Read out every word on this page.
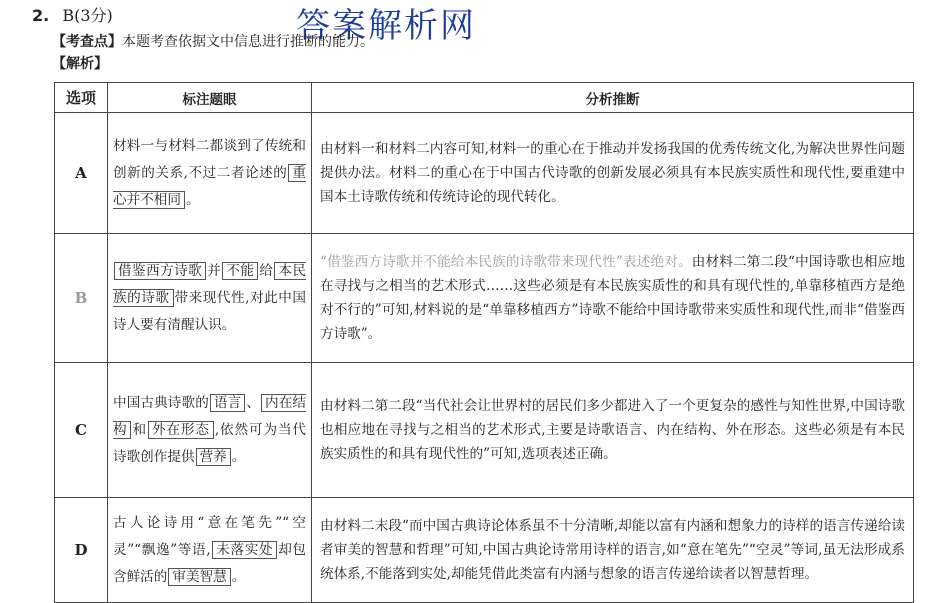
2. B(3分)	答案解析网
【考查点】本题考查依据文中信息进行推断的能力。
【解析】
选项	标注题眼	分析推断
A	材料一与材料二都谈到了传统和创新的关系,不过二者论述的 重心并不相同 。	由材料一和材料二内容可知,材料一的重心在于推动并发扬我国的优秀传统文化,为解决世界性问题提供办法。材料二的重心在于中国古代诗歌的创新发展必须具有本民族实质性和现代性,要重建中国本土诗歌传统和传统诗论的现代转化。
B	借鉴西方诗歌 并 不能 给 本民族的诗歌 带来现代性,对此中国诗人要有清醒认识。	“借鉴西方诗歌并不能给本民族的诗歌带来现代性”表述绝对。由材料二第二段“中国诗歌也相应地在寻找与之相当的艺术形式……这些必须是有本民族实质性的和具有现代性的,单靠移植西方是绝对不行的”可知,材料说的是“单靠移植西方”诗歌不能给中国诗歌带来实质性和现代性,而非“借鉴西方诗歌”。
C	中国古典诗歌的 语言 、 内在结构 和 外在形态 ,依然可为当代诗歌创作提供 营养 。	由材料二第二段“当代社会让世界村的居民们多少都进入了一个更复杂的感性与知性世界,中国诗歌也相应地在寻找与之相当的艺术形式,主要是诗歌语言、内在结构、外在形态。这些必须是有本民族实质性的和具有现代性的”可知,选项表述正确。
D	古人论诗用“意在笔先”“空灵”“飘逸”等语, 未落实处 却包含鲜活的 审美智慧 。	由材料二末段“而中国古典诗论体系虽不十分清晰,却能以富有内涵和想象力的诗样的语言传递给读者审美的智慧和哲理”可知,中国古典论诗常用诗样的语言,如“意在笔先”“空灵”等词,虽无法形成系统体系,不能落到实处,却能凭借此类富有内涵与想象的语言传递给读者以智慧哲理。
